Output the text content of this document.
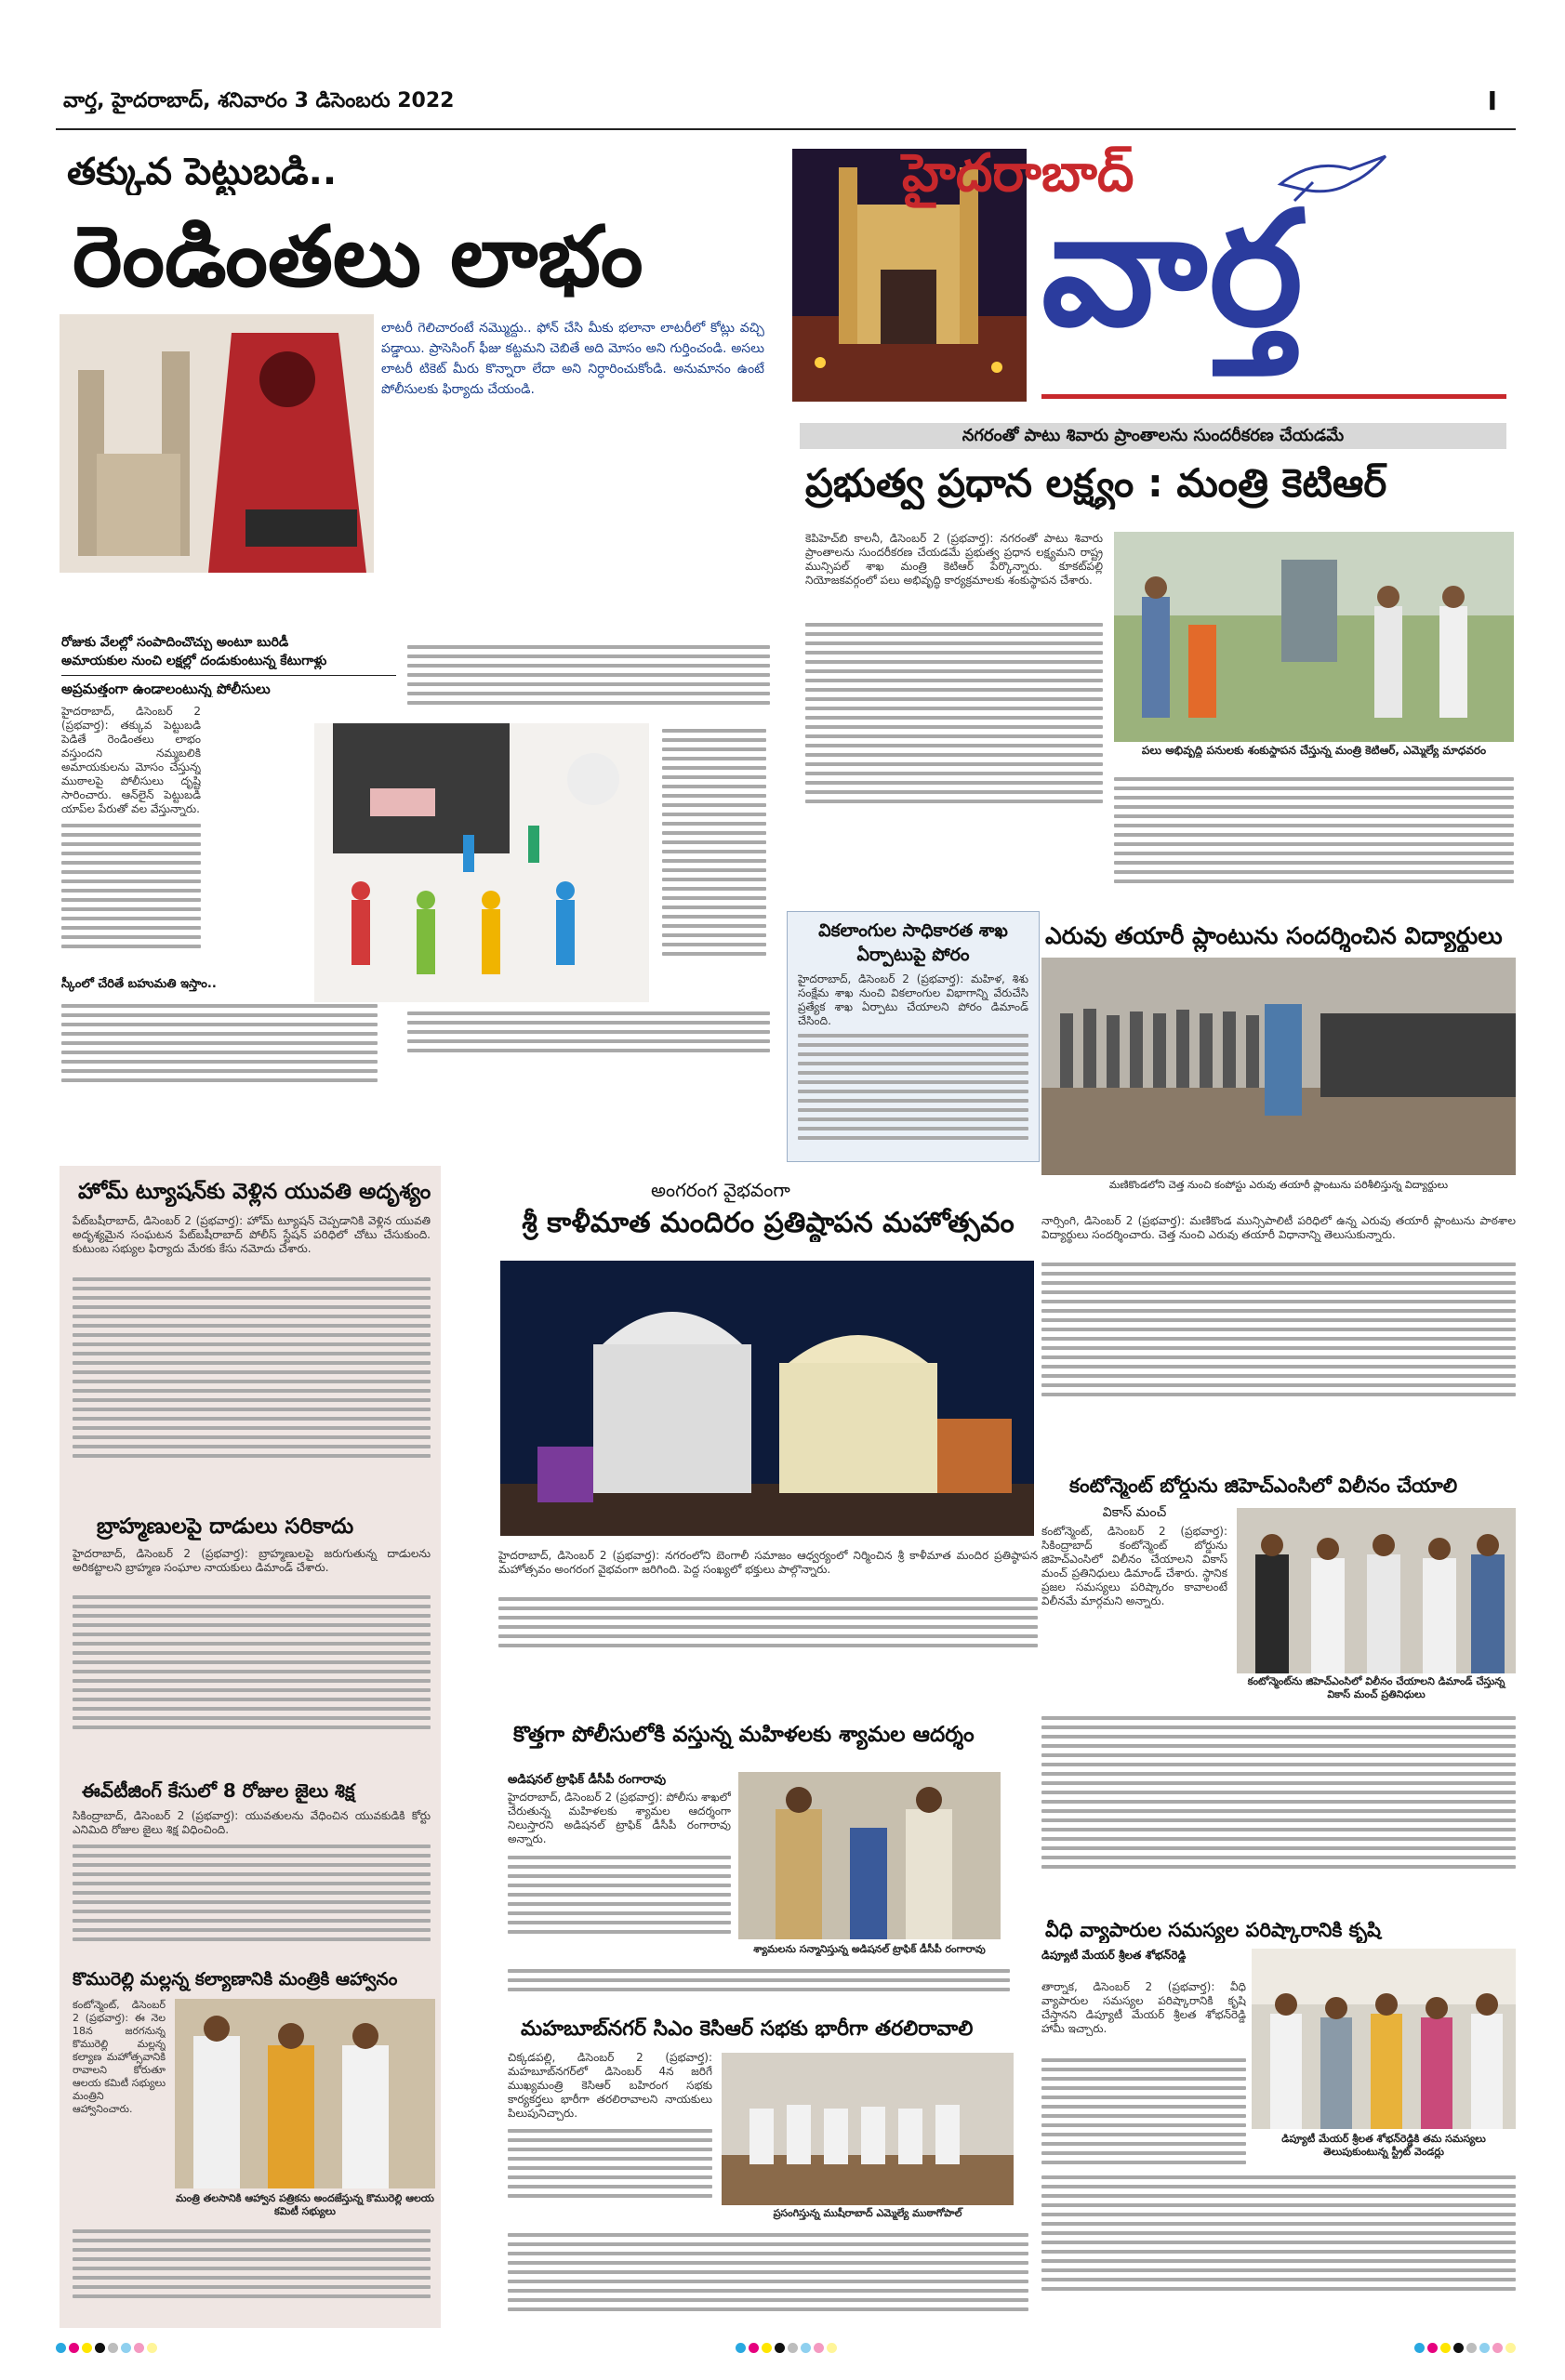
వార్త, హైదరాబాద్, శనివారం 3 డిసెంబరు 2022	I
తక్కువ పెట్టుబడి..
రెండింతలు లాభం
లాటరీ గెలిచారంటే నమ్మొద్దు.. ఫోన్ చేసి మీకు భలానా లాటరీలో కోట్లు వచ్చి పడ్డాయి. ప్రాసెసింగ్ ఫీజు కట్టమని చెబితే అది మోసం అని గుర్తించండి. అసలు లాటరీ టికెట్ మీరు కొన్నారా లేదా అని నిర్ధారించుకోండి. అనుమానం ఉంటే పోలీసులకు ఫిర్యాదు చేయండి.
రోజుకు వేలల్లో సంపాదించొచ్చు అంటూ బురిడీ
అమాయకుల నుంచి లక్షల్లో దండుకుంటున్న కేటుగాళ్లు
అప్రమత్తంగా ఉండాలంటున్న పోలీసులు
హైదరాబాద్, డిసెంబర్ 2 (ప్రభవార్త): తక్కువ పెట్టుబడి పెడితే రెండింతలు లాభం వస్తుందని నమ్మబలికి అమాయకులను మోసం చేస్తున్న ముఠాలపై పోలీసులు దృష్టి సారించారు. ఆన్‌లైన్ పెట్టుబడి యాప్‌ల పేరుతో వల వేస్తున్నారు.
స్కీంలో చేరితే బహుమతి ఇస్తాం..
హైదరాబాద్
వార్త
నగరంతో పాటు శివారు ప్రాంతాలను సుందరీకరణ చేయడమే
ప్రభుత్వ ప్రధాన లక్ష్యం : మంత్రి కెటిఆర్
కెపిహెచ్‌బి కాలనీ, డిసెంబర్ 2 (ప్రభవార్త): నగరంతో పాటు శివారు ప్రాంతాలను సుందరీకరణ చేయడమే ప్రభుత్వ ప్రధాన లక్ష్యమని రాష్ట్ర మున్సిపల్ శాఖ మంత్రి కెటిఆర్ పేర్కొన్నారు. కూకట్‌పల్లి నియోజకవర్గంలో పలు అభివృద్ధి కార్యక్రమాలకు శంకుస్థాపన చేశారు.
పలు అభివృద్ధి పనులకు శంకుస్థాపన చేస్తున్న మంత్రి కెటిఆర్, ఎమ్మెల్యే మాధవరం
వికలాంగుల సాధికారత శాఖ ఏర్పాటుపై పోరం
హైదరాబాద్, డిసెంబర్ 2 (ప్రభవార్త): మహిళ, శిశు సంక్షేమ శాఖ నుంచి వికలాంగుల విభాగాన్ని వేరుచేసి ప్రత్యేక శాఖ ఏర్పాటు చేయాలని పోరం డిమాండ్ చేసింది.
ఎరువు తయారీ ప్లాంటును సందర్శించిన విద్యార్థులు
మణికొండలోని చెత్త నుంచి కంపోస్టు ఎరువు తయారీ ప్లాంటును పరిశీలిస్తున్న విద్యార్థులు
నార్సింగి, డిసెంబర్ 2 (ప్రభవార్త): మణికొండ మున్సిపాలిటీ పరిధిలో ఉన్న ఎరువు తయారీ ప్లాంటును పాఠశాల విద్యార్థులు సందర్శించారు. చెత్త నుంచి ఎరువు తయారీ విధానాన్ని తెలుసుకున్నారు.
హోమ్ ట్యూషన్‌కు వెళ్లిన యువతి అదృశ్యం
పేట్‌బషీరాబాద్, డిసెంబర్ 2 (ప్రభవార్త): హోమ్ ట్యూషన్ చెప్పడానికి వెళ్లిన యువతి అదృశ్యమైన సంఘటన పేట్‌బషీరాబాద్ పోలీస్ స్టేషన్ పరిధిలో చోటు చేసుకుంది. కుటుంబ సభ్యుల ఫిర్యాదు మేరకు కేసు నమోదు చేశారు.
బ్రాహ్మణులపై దాడులు సరికాదు
హైదరాబాద్, డిసెంబర్ 2 (ప్రభవార్త): బ్రాహ్మణులపై జరుగుతున్న దాడులను అరికట్టాలని బ్రాహ్మణ సంఘాల నాయకులు డిమాండ్ చేశారు.
ఈవ్‌టీజింగ్ కేసులో 8 రోజుల జైలు శిక్ష
సికింద్రాబాద్, డిసెంబర్ 2 (ప్రభవార్త): యువతులను వేధించిన యువకుడికి కోర్టు ఎనిమిది రోజుల జైలు శిక్ష విధించింది.
కొమురెల్లి మల్లన్న కల్యాణానికి మంత్రికి ఆహ్వానం
కంటోన్మెంట్, డిసెంబర్ 2 (ప్రభవార్త): ఈ నెల 18న జరగనున్న కొమురెల్లి మల్లన్న కల్యాణ మహోత్సవానికి రావాలని కోరుతూ ఆలయ కమిటీ సభ్యులు మంత్రిని ఆహ్వానించారు.
మంత్రి తలసానికి ఆహ్వాన పత్రికను అందజేస్తున్న కొమురెల్లి ఆలయ కమిటీ సభ్యులు
అంగరంగ వైభవంగా
శ్రీ కాళీమాత మందిరం ప్రతిష్ఠాపన మహోత్సవం
హైదరాబాద్, డిసెంబర్ 2 (ప్రభవార్త): నగరంలోని బెంగాలీ సమాజం ఆధ్వర్యంలో నిర్మించిన శ్రీ కాళీమాత మందిర ప్రతిష్ఠాపన మహోత్సవం అంగరంగ వైభవంగా జరిగింది. పెద్ద సంఖ్యలో భక్తులు పాల్గొన్నారు.
కొత్తగా పోలీసులోకి వస్తున్న మహిళలకు శ్యామల ఆదర్శం
అడిషనల్ ట్రాఫిక్ డీసీపీ రంగారావు
హైదరాబాద్, డిసెంబర్ 2 (ప్రభవార్త): పోలీసు శాఖలో చేరుతున్న మహిళలకు శ్యామల ఆదర్శంగా నిలుస్తారని అడిషనల్ ట్రాఫిక్ డీసీపీ రంగారావు అన్నారు.
శ్యామలను సన్మానిస్తున్న అడిషనల్ ట్రాఫిక్ డీసీపీ రంగారావు
మహబూబ్‌నగర్ సిఎం కెసిఆర్ సభకు భారీగా తరలిరావాలి
చిక్కడపల్లి, డిసెంబర్ 2 (ప్రభవార్త): మహబూబ్‌నగర్‌లో డిసెంబర్ 4న జరిగే ముఖ్యమంత్రి కెసిఆర్ బహిరంగ సభకు కార్యకర్తలు భారీగా తరలిరావాలని నాయకులు పిలుపునిచ్చారు.
ప్రసంగిస్తున్న ముషీరాబాద్ ఎమ్మెల్యే ముఠాగోపాల్
కంటోన్మెంట్ బోర్డును జిహెచ్ఎంసిలో విలీనం చేయాలి
వికాస్ మంచ్
కంటోన్మెంట్, డిసెంబర్ 2 (ప్రభవార్త): సికింద్రాబాద్ కంటోన్మెంట్ బోర్డును జిహెచ్ఎంసిలో విలీనం చేయాలని వికాస్ మంచ్ ప్రతినిధులు డిమాండ్ చేశారు. స్థానిక ప్రజల సమస్యలు పరిష్కారం కావాలంటే విలీనమే మార్గమని అన్నారు.
కంటోన్మెంట్‌ను జిహెచ్ఎంసిలో విలీనం చేయాలని డిమాండ్ చేస్తున్న వికాస్ మంచ్ ప్రతినిధులు
వీధి వ్యాపారుల సమస్యల పరిష్కారానికి కృషి
డిప్యూటీ మేయర్ శ్రీలత శోభన్‌రెడ్డి
తార్నాక, డిసెంబర్ 2 (ప్రభవార్త): వీధి వ్యాపారుల సమస్యల పరిష్కారానికి కృషి చేస్తానని డిప్యూటీ మేయర్ శ్రీలత శోభన్‌రెడ్డి హామీ ఇచ్చారు.
డిప్యూటీ మేయర్ శ్రీలత శోభన్‌రెడ్డికి తమ సమస్యలు తెలుపుకుంటున్న స్ట్రీట్ వెండర్లు
